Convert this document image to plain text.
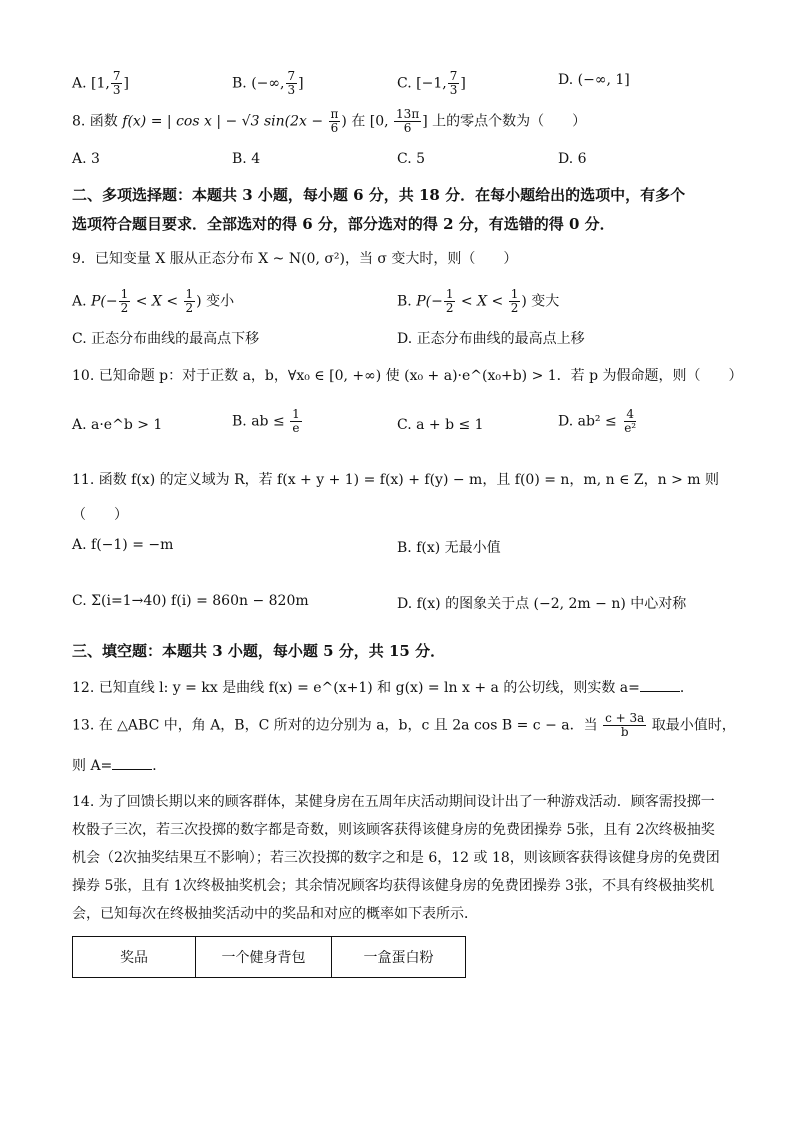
A. [1, $\frac{7}{3}$ ]	B. (−∞, $\frac{7}{3}$ ]	C. [−1, $\frac{7}{3}$ ]	D. (−∞, 1]
8. 函数 f(x) = | cos x | − √3 $\sin(2x - \frac{\pi}{6}$ ) 在 [0, $\frac{13\pi}{6}$ ] 上的零点个数为（　　）
A. 3	B. 4	C. 5	D. 6
二、多项选择题：本题共 3 小题，每小题 6 分，共 18 分．在每小题给出的选项中，有多个
选项符合题目要求．全部选对的得 6 分，部分选对的得 2 分，有选错的得 0 分．
9．已知变量 X 服从正态分布 X ~ N(0, σ²)，当 σ 变大时，则（　　）
A. $P(- \frac{1}{2} < X < \frac{1}{2}$ ) 变小	B. $P(- \frac{1}{2} < X < \frac{1}{2}$ ) 变大
C. 正态分布曲线的最高点下移	D. 正态分布曲线的最高点上移
10. 已知命题 p：对于正数 a，b，∀x₀ ∈ [0, +∞) 使 (x₀ + a)·e^(x₀+b) > 1．若 p 为假命题，则（　　）
A. a·e^b > 1	B. ab ≤ $\frac{1}{e}$	C. a + b ≤ 1	D. $ab^2 \le \frac{4}{\text{e²}}$
11. 函数 f(x) 的定义域为 R，若 f(x + y + 1) = f(x) + f(y) − m，且 f(0) = n，m, n ∈ Z，n > m 则
（　　）
A. f(−1) = −m	B. f(x) 无最小值
C. Σ(i=1→40) f(i) = 860n − 820m	D. f(x) 的图象关于点 (−2, 2m − n) 中心对称
三、填空题：本题共 3 小题，每小题 5 分，共 15 分．
12. 已知直线 l: y = kx 是曲线 f(x) = e^(x+1) 和 g(x) = ln x + a 的公切线，则实数 a=	．
13. 在 △ABC 中，角 A，B，C 所对的边分别为 a，b，c 且 2a cos B = c − a．当 $\frac{c + 3a}{b}$ 取最小值时，
则 A=	．
14. 为了回馈长期以来的顾客群体，某健身房在五周年庆活动期间设计出了一种游戏活动．顾客需投掷一
枚骰子三次，若三次投掷的数字都是奇数，则该顾客获得该健身房的免费团操券 5张，且有 2次终极抽奖
机会（2次抽奖结果互不影响）；若三次投掷的数字之和是 6，12 或 18，则该顾客获得该健身房的免费团
操券 5张，且有 1次终极抽奖机会；其余情况顾客均获得该健身房的免费团操券 3张，不具有终极抽奖机
会，已知每次在终极抽奖活动中的奖品和对应的概率如下表所示．
奖品	一个健身背包	一盒蛋白粉
